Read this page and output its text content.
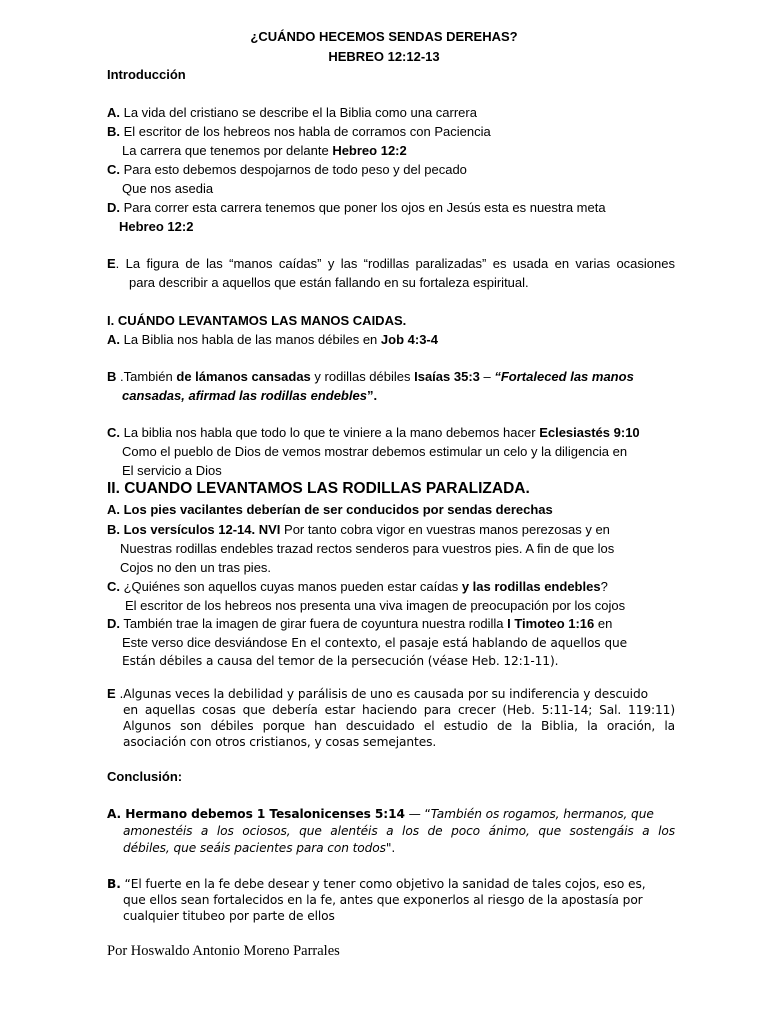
¿CUÁNDO HECEMOS SENDAS DEREHAS?
HEBREO 12:12-13
Introducción
A. La vida del cristiano se describe el la Biblia como una carrera
B. El escritor de los hebreos nos habla de corramos con Paciencia
La carrera que tenemos por delante Hebreo 12:2
C. Para esto debemos despojarnos de todo peso y del pecado
Que nos asedia
D. Para correr esta carrera tenemos que poner los ojos en Jesús esta es nuestra meta
Hebreo 12:2
E. La figura de las “manos caídas” y las “rodillas paralizadas” es usada en varias ocasiones
para describir a aquellos que están fallando en su fortaleza espiritual.
I. CUÁNDO LEVANTAMOS LAS MANOS CAIDAS.
A. La Biblia nos habla de las manos débiles en Job 4:3-4
B .También de lámanos cansadas y rodillas débiles Isaías 35:3 – “Fortaleced las manos
cansadas, afirmad las rodillas endebles”.
C. La biblia nos habla que todo lo que te viniere a la mano debemos hacer Eclesiastés 9:10
Como el pueblo de Dios de vemos mostrar debemos estimular un celo y la diligencia en
El servicio a Dios
II. CUANDO LEVANTAMOS LAS RODILLAS PARALIZADA.
A. Los pies vacilantes deberían de ser conducidos por sendas derechas
B. Los versículos 12-14. NVI Por tanto cobra vigor en vuestras manos perezosas y en
Nuestras rodillas endebles trazad rectos senderos para vuestros pies. A fin de que los
Cojos no den un tras pies.
C. ¿Quiénes son aquellos cuyas manos pueden estar caídas y las rodillas endebles?
El escritor de los hebreos nos presenta una viva imagen de preocupación por los cojos
D. También trae la imagen de girar fuera de coyuntura nuestra rodilla I Timoteo 1:16 en
Este verso dice desviándose En el contexto, el pasaje está hablando de aquellos que
Están débiles a causa del temor de la persecución (véase Heb. 12:1-11).
E .Algunas veces la debilidad y parálisis de uno es causada por su indiferencia y descuido
en aquellas cosas que debería estar haciendo para crecer (Heb. 5:11-14; Sal. 119:11)
Algunos son débiles porque han descuidado el estudio de la Biblia, la oración, la
asociación con otros cristianos, y cosas semejantes.
Conclusión:
A. Hermano debemos 1 Tesalonicenses 5:14 — “También os rogamos, hermanos, que
amonestéis a los ociosos, que alentéis a los de poco ánimo, que sostengáis a los
débiles, que seáis pacientes para con todos".
B. “El fuerte en la fe debe desear y tener como objetivo la sanidad de tales cojos, eso es,
que ellos sean fortalecidos en la fe, antes que exponerlos al riesgo de la apostasía por
cualquier titubeo por parte de ellos
Por Hoswaldo Antonio Moreno Parrales
